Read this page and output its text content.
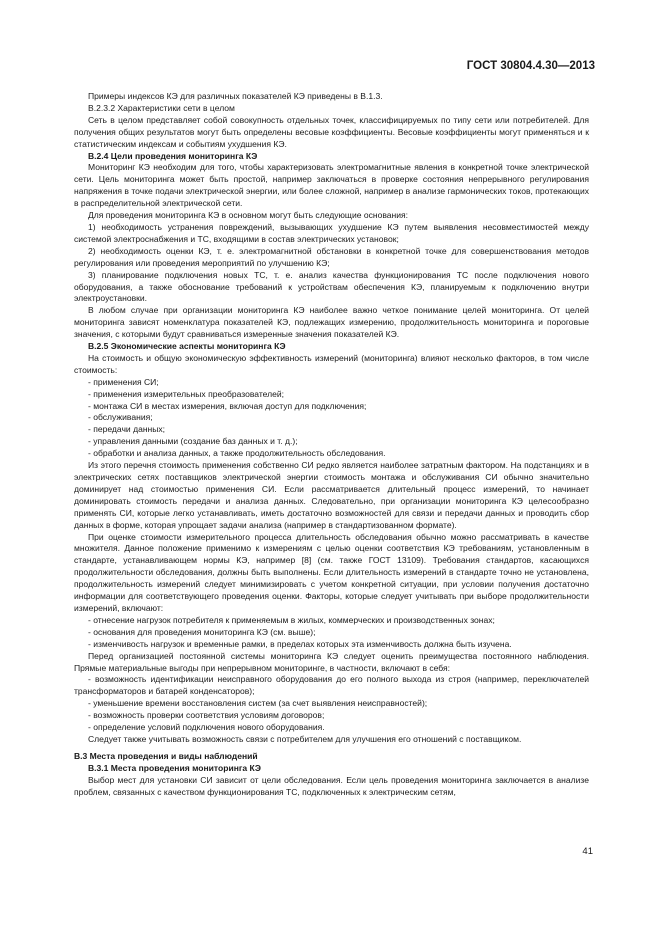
ГОСТ 30804.4.30—2013

Примеры индексов КЭ для различных показателей КЭ приведены в В.1.3.

В.2.3.2 Характеристики сети в целом

Сеть в целом представляет собой совокупность отдельных точек, классифицируемых по типу сети или потребителей. Для получения общих результатов могут быть определены весовые коэффициенты. Весовые коэффициенты могут применяться и к статистическим индексам и событиям ухудшения КЭ.

В.2.4 Цели проведения мониторинга КЭ

Мониторинг КЭ необходим для того, чтобы характеризовать электромагнитные явления в конкретной точке электрической сети. Цель мониторинга может быть простой, например заключаться в проверке состояния непрерывного регулирования напряжения в точке подачи электрической энергии, или более сложной, например в анализе гармонических токов, протекающих в распределительной электрической сети.

Для проведения мониторинга КЭ в основном могут быть следующие основания:

1) необходимость устранения повреждений, вызывающих ухудшение КЭ путем выявления несовместимостей между системой электроснабжения и ТС, входящими в состав электрических установок;

2) необходимость оценки КЭ, т. е. электромагнитной обстановки в конкретной точке для совершенствования методов регулирования или проведения мероприятий по улучшению КЭ;

3) планирование подключения новых ТС, т. е. анализ качества функционирования ТС после подключения нового оборудования, а также обоснование требований к устройствам обеспечения КЭ, планируемым к подключению внутри электроустановки.

В любом случае при организации мониторинга КЭ наиболее важно четкое понимание целей мониторинга. От целей мониторинга зависят номенклатура показателей КЭ, подлежащих измерению, продолжительность мониторинга и пороговые значения, с которыми будут сравниваться измеренные значения показателей КЭ.

В.2.5 Экономические аспекты мониторинга КЭ

На стоимость и общую экономическую эффективность измерений (мониторинга) влияют несколько факторов, в том числе стоимость:

- применения СИ;

- применения измерительных преобразователей;

- монтажа СИ в местах измерения, включая доступ для подключения;

- обслуживания;

- передачи данных;

- управления данными (создание баз данных и т. д.);

- обработки и анализа данных, а также продолжительность обследования.

Из этого перечня стоимость применения собственно СИ редко является наиболее затратным фактором. На подстанциях и в электрических сетях поставщиков электрической энергии стоимость монтажа и обслуживания СИ обычно значительно доминирует над стоимостью применения СИ. Если рассматривается длительный процесс измерений, то начинает доминировать стоимость передачи и анализа данных. Следовательно, при организации мониторинга КЭ целесообразно применять СИ, которые легко устанавливать, иметь достаточно возможностей для связи и передачи данных и проводить сбор данных в форме, которая упрощает задачи анализа (например в стандартизованном формате).

При оценке стоимости измерительного процесса длительность обследования обычно можно рассматривать в качестве множителя. Данное положение применимо к измерениям с целью оценки соответствия КЭ требованиям, установленным в стандарте, устанавливающем нормы КЭ, например [8] (см. также ГОСТ 13109). Требования стандартов, касающихся продолжительности обследования, должны быть выполнены. Если длительность измерений в стандарте точно не установлена, продолжительность измерений следует минимизировать с учетом конкретной ситуации, при условии получения достаточно информации для соответствующего проведения оценки. Факторы, которые следует учитывать при выборе продолжительности измерений, включают:

- отнесение нагрузок потребителя к применяемым в жилых, коммерческих и производственных зонах;

- основания для проведения мониторинга КЭ (см. выше);

- изменчивость нагрузок и временные рамки, в пределах которых эта изменчивость должна быть изучена.

Перед организацией постоянной системы мониторинга КЭ следует оценить преимущества постоянного наблюдения. Прямые материальные выгоды при непрерывном мониторинге, в частности, включают в себя:

- возможность идентификации неисправного оборудования до его полного выхода из строя (например, переключателей трансформаторов и батарей конденсаторов);

- уменьшение времени восстановления систем (за счет выявления неисправностей);

- возможность проверки соответствия условиям договоров;

- определение условий подключения нового оборудования.

Следует также учитывать возможность связи с потребителем для улучшения его отношений с поставщиком.

В.3 Места проведения и виды наблюдений

В.3.1 Места проведения мониторинга КЭ

Выбор мест для установки СИ зависит от цели обследования. Если цель проведения мониторинга заключается в анализе проблем, связанных с качеством функционирования ТС, подключенных к электрическим сетям,

41
